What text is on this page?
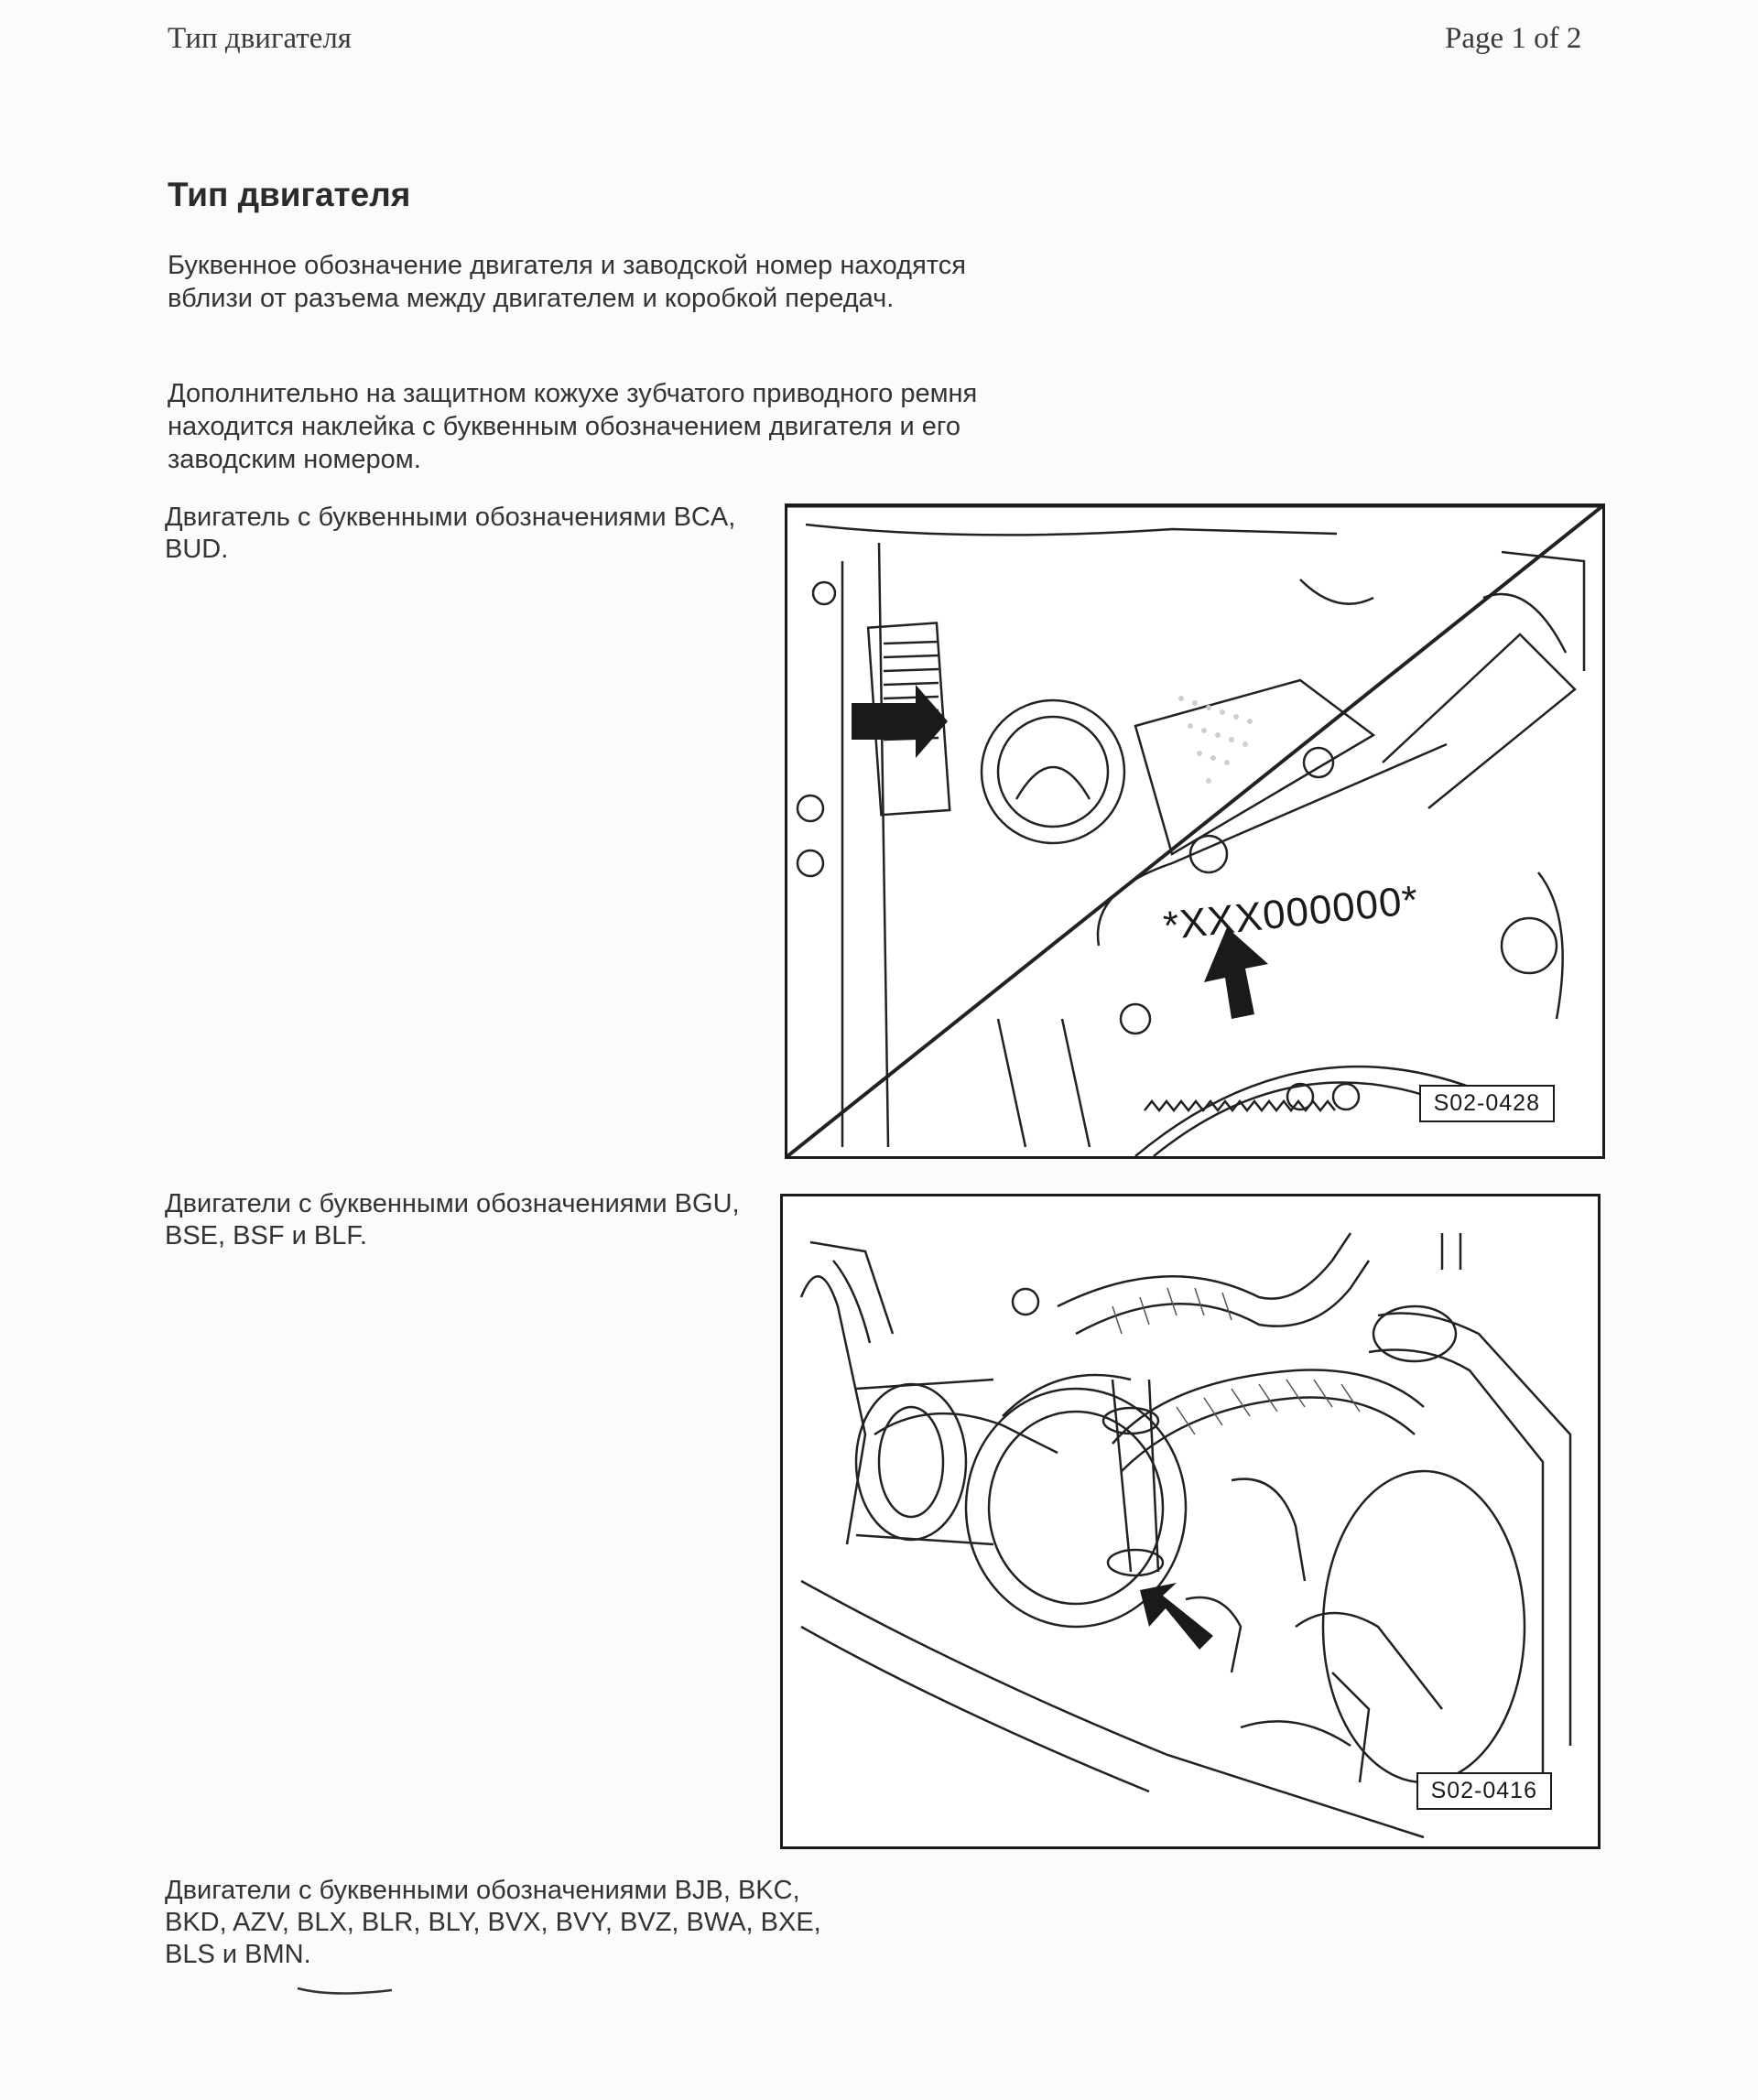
Тип двигателя	Page 1 of 2
Тип двигателя

Буквенное обозначение двигателя и заводской номер находятся вблизи от разъема между двигателем и коробкой передач.

Дополнительно на защитном кожухе зубчатого приводного ремня находится наклейка с буквенным обозначением двигателя и его заводским номером.

Двигатель с буквенными обозначениями BCA, BUD.
*XXX000000*
S02-0428
Двигатели с буквенными обозначениями BGU, BSE, BSF и BLF.
S02-0416
Двигатели с буквенными обозначениями BJB, BKC, BKD, AZV, BLX, BLR, BLY, BVX, BVY, BVZ, BWA, BXE, BLS и BMN.
